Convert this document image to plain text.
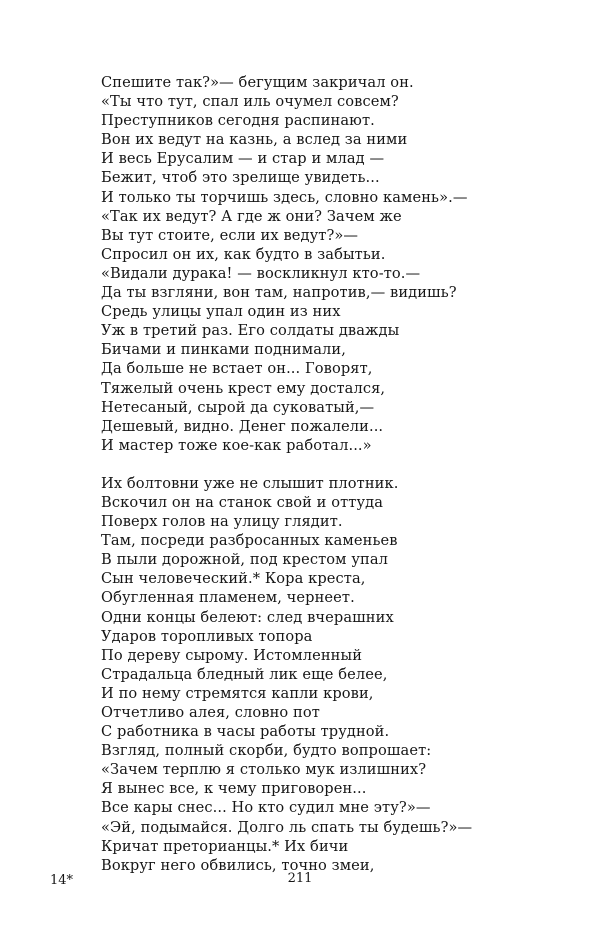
Спешите так?»— бегущим закричал он.
«Ты что тут, спал иль очумел совсем?
Преступников сегодня распинают.
Вон их ведут на казнь, а вслед за ними
И весь Ерусалим — и стар и млад —
Бежит, чтоб это зрелище увидеть...
И только ты торчишь здесь, словно камень».—
«Так их ведут? А где ж они? Зачем же
Вы тут стоите, если их ведут?»—
Спросил он их, как будто в забытьи.
«Видали дурака! — воскликнул кто-то.—
Да ты взгляни, вон там, напротив,— видишь?
Средь улицы упал один из них
Уж в третий раз. Его солдаты дважды
Бичами и пинками поднимали,
Да больше не встает он... Говорят,
Тяжелый очень крест ему достался,
Нетесаный, сырой да суковатый,—
Дешевый, видно. Денег пожалели...
И мастер тоже кое-как работал...»
Их болтовни уже не слышит плотник.
Вскочил он на станок свой и оттуда
Поверх голов на улицу глядит.
Там, посреди разбросанных каменьев
В пыли дорожной, под крестом упал
Сын человеческий.* Кора креста,
Обугленная пламенем, чернеет.
Одни концы белеют: след вчерашних
Ударов торопливых топора
По дереву сырому. Истомленный
Страдальца бледный лик еще белее,
И по нему стремятся капли крови,
Отчетливо алея, словно пот
С работника в часы работы трудной.
Взгляд, полный скорби, будто вопрошает:
«Зачем терплю я столько мук излишних?
Я вынес все, к чему приговорен...
Все кары снес... Но кто судил мне эту?»—
«Эй, подымайся. Долго ль спать ты будешь?»—
Кричат преторианцы.* Их бичи
Вокруг него обвились, точно змеи,
14*	211
